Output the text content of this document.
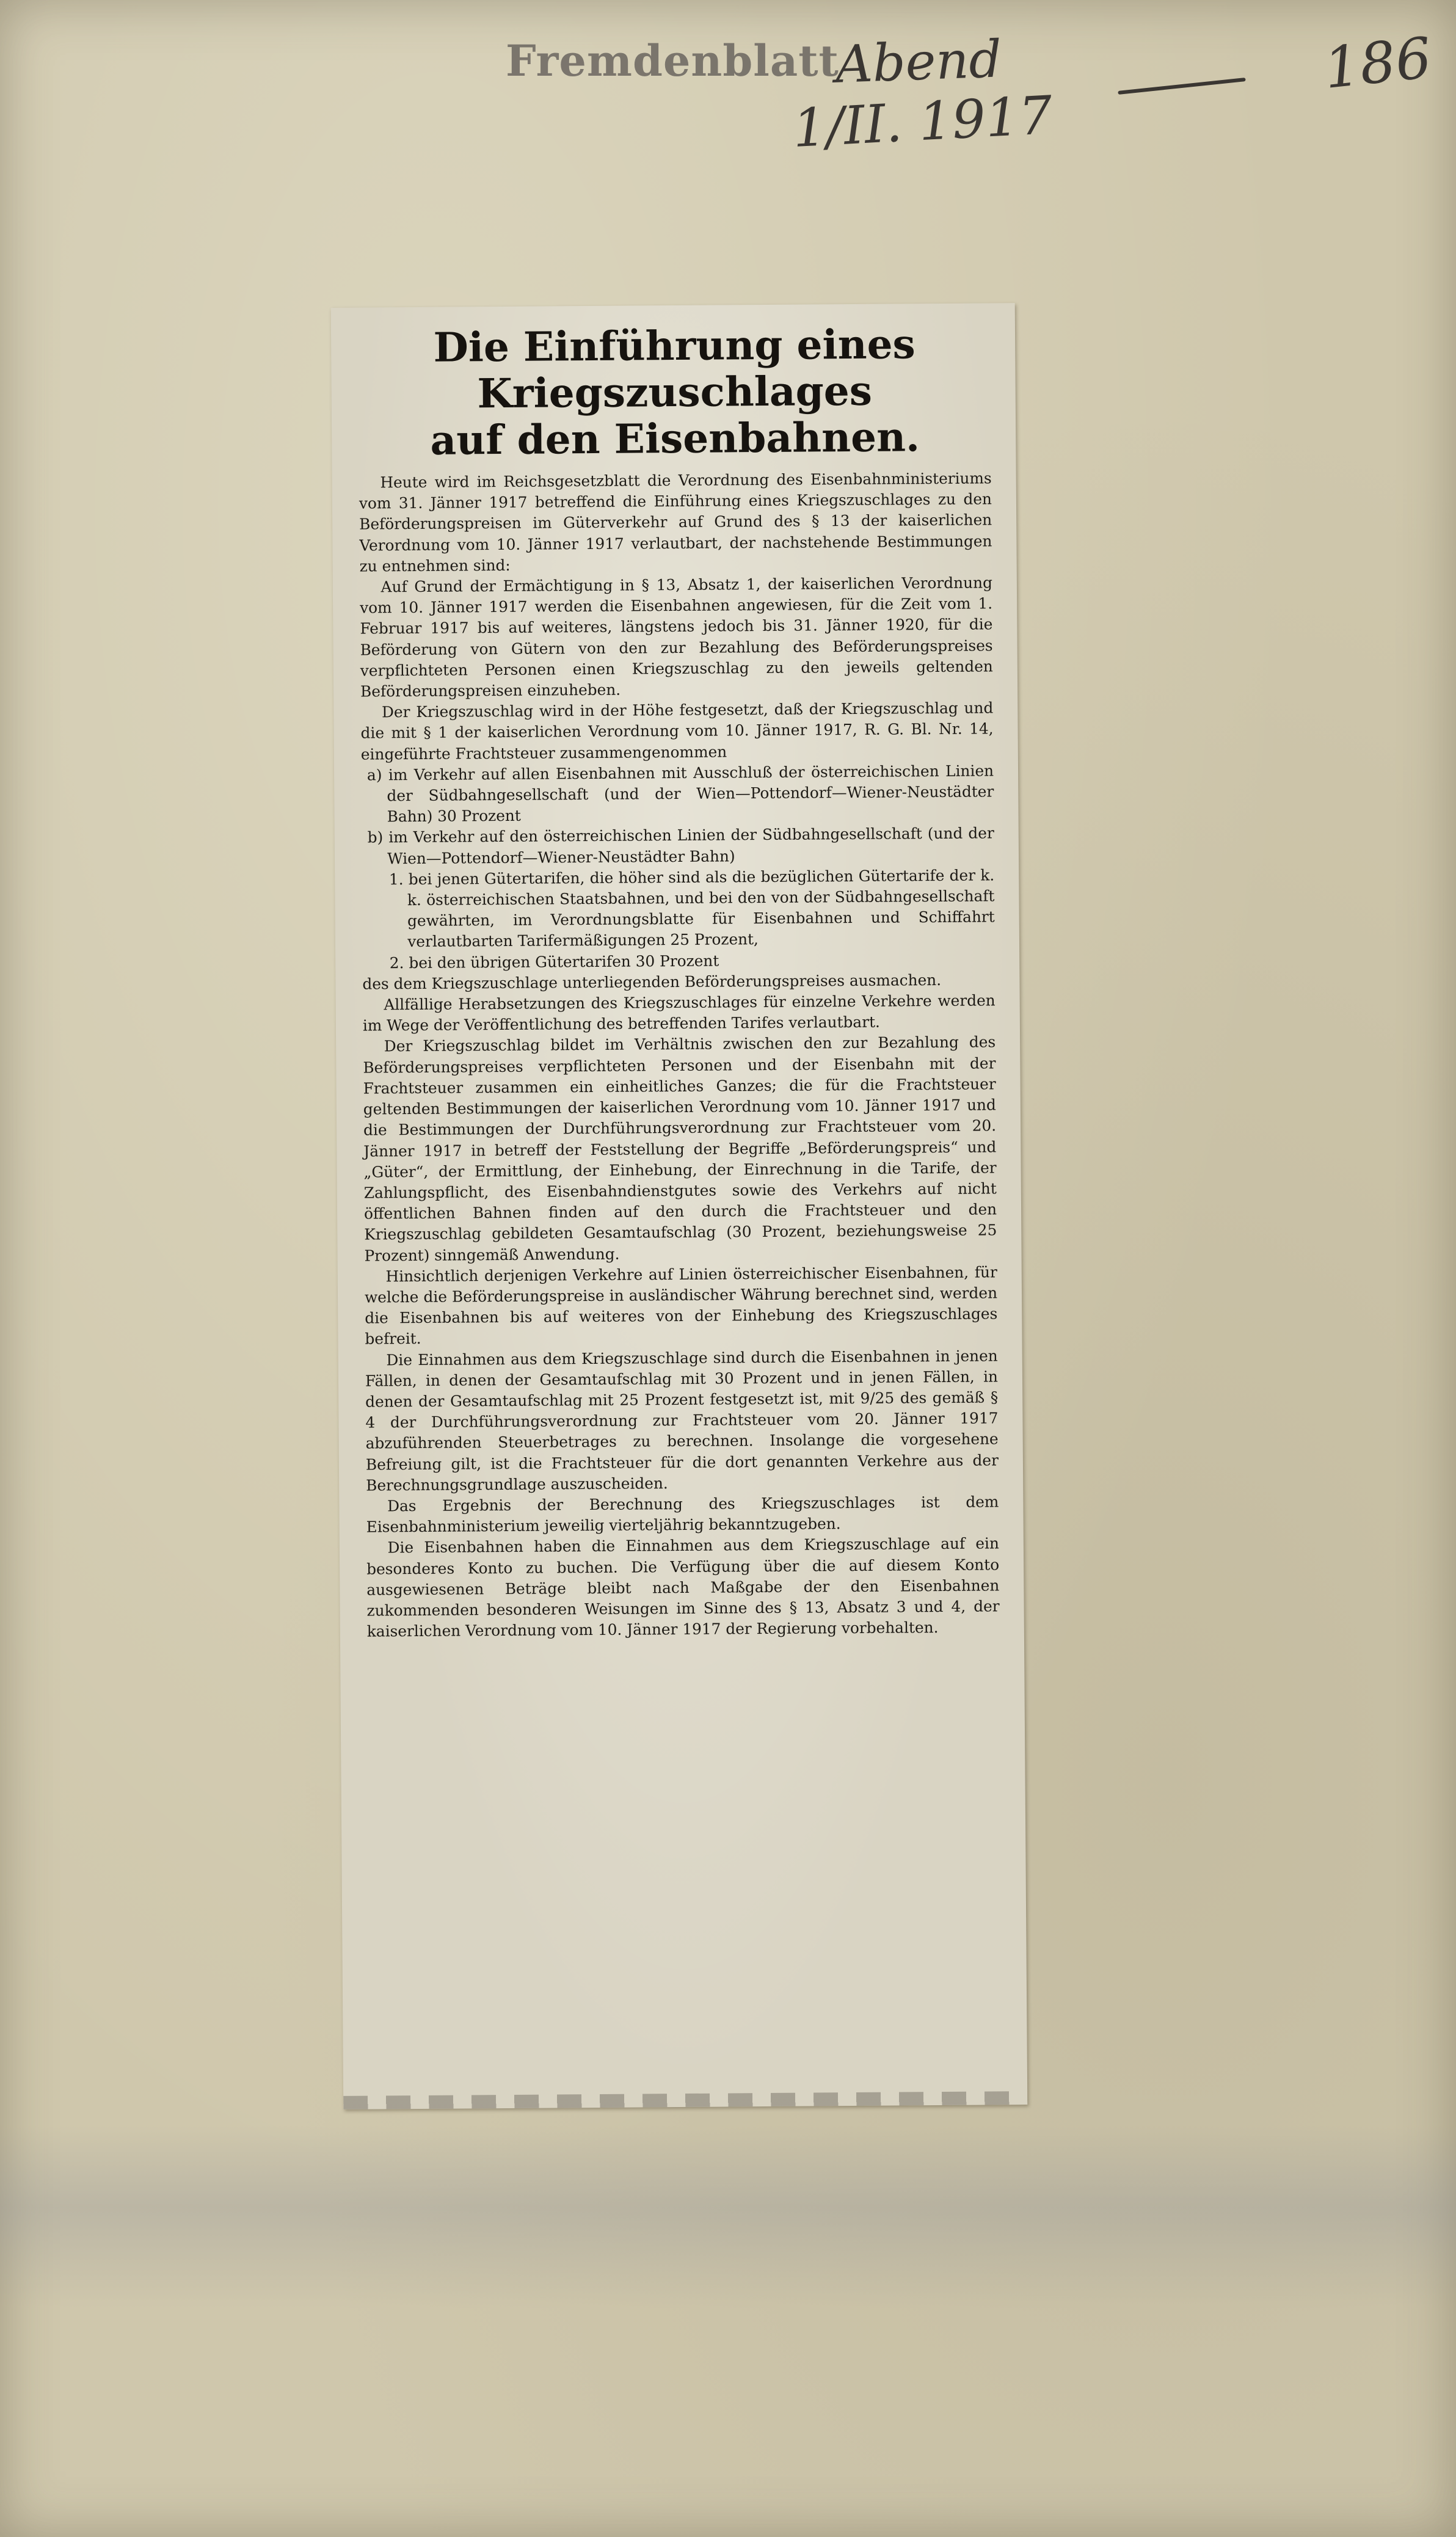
Fremdenblatt
Abend
1/II. 1917
186
Die Einführung eines Kriegszuschlages
auf den Eisenbahnen.

Heute wird im Reichsgesetzblatt die Verordnung des Eisenbahnministeriums vom 31. Jänner 1917 betreffend die Einführung eines Kriegszuschlages zu den Beförderungspreisen im Güterverkehr auf Grund des § 13 der kaiserlichen Verordnung vom 10. Jänner 1917 verlautbart, der nachstehende Bestimmungen zu entnehmen sind:

Auf Grund der Ermächtigung in § 13, Absatz 1, der kaiserlichen Verordnung vom 10. Jänner 1917 werden die Eisenbahnen angewiesen, für die Zeit vom 1. Februar 1917 bis auf weiteres, längstens jedoch bis 31. Jänner 1920, für die Beförderung von Gütern von den zur Bezahlung des Beförderungspreises verpflichteten Personen einen Kriegszuschlag zu den jeweils geltenden Beförderungspreisen einzuheben.

Der Kriegszuschlag wird in der Höhe festgesetzt, daß der Kriegszuschlag und die mit § 1 der kaiserlichen Verordnung vom 10. Jänner 1917, R. G. Bl. Nr. 14, eingeführte Frachtsteuer zusammengenommen

a) im Verkehr auf allen Eisenbahnen mit Ausschluß der österreichischen Linien der Südbahngesellschaft (und der Wien—Pottendorf—Wiener-Neustädter Bahn) 30 Prozent

b) im Verkehr auf den österreichischen Linien der Südbahngesellschaft (und der Wien—Pottendorf—Wiener-Neustädter Bahn)

1. bei jenen Gütertarifen, die höher sind als die bezüglichen Gütertarife der k. k. österreichischen Staatsbahnen, und bei den von der Südbahngesellschaft gewährten, im Verordnungsblatte für Eisenbahnen und Schiffahrt verlautbarten Tarifermäßigungen 25 Prozent,

2. bei den übrigen Gütertarifen 30 Prozent

des dem Kriegszuschlage unterliegenden Beförderungspreises ausmachen.

Allfällige Herabsetzungen des Kriegszuschlages für einzelne Verkehre werden im Wege der Veröffentlichung des betreffenden Tarifes verlautbart.

Der Kriegszuschlag bildet im Verhältnis zwischen den zur Bezahlung des Beförderungspreises verpflichteten Personen und der Eisenbahn mit der Frachtsteuer zusammen ein einheitliches Ganzes; die für die Frachtsteuer geltenden Bestimmungen der kaiserlichen Verordnung vom 10. Jänner 1917 und die Bestimmungen der Durchführungsverordnung zur Frachtsteuer vom 20. Jänner 1917 in betreff der Feststellung der Begriffe „Beförderungspreis“ und „Güter“, der Ermittlung, der Einhebung, der Einrechnung in die Tarife, der Zahlungspflicht, des Eisenbahndienstgutes sowie des Verkehrs auf nicht öffentlichen Bahnen finden auf den durch die Frachtsteuer und den Kriegszuschlag gebildeten Gesamtaufschlag (30 Prozent, beziehungsweise 25 Prozent) sinngemäß Anwendung.

Hinsichtlich derjenigen Verkehre auf Linien österreichischer Eisenbahnen, für welche die Beförderungspreise in ausländischer Währung berechnet sind, werden die Eisenbahnen bis auf weiteres von der Einhebung des Kriegszuschlages befreit.

Die Einnahmen aus dem Kriegszuschlage sind durch die Eisenbahnen in jenen Fällen, in denen der Gesamtaufschlag mit 30 Prozent und in jenen Fällen, in denen der Gesamtaufschlag mit 25 Prozent festgesetzt ist, mit 9/25 des gemäß § 4 der Durchführungsverordnung zur Frachtsteuer vom 20. Jänner 1917 abzuführenden Steuerbetrages zu berechnen. Insolange die vorgesehene Befreiung gilt, ist die Frachtsteuer für die dort genannten Verkehre aus der Berechnungsgrundlage auszuscheiden.

Das Ergebnis der Berechnung des Kriegszuschlages ist dem Eisenbahnministerium jeweilig vierteljährig bekanntzugeben.

Die Eisenbahnen haben die Einnahmen aus dem Kriegszuschlage auf ein besonderes Konto zu buchen. Die Verfügung über die auf diesem Konto ausgewiesenen Beträge bleibt nach Maßgabe der den Eisenbahnen zukommenden besonderen Weisungen im Sinne des § 13, Absatz 3 und 4, der kaiserlichen Verordnung vom 10. Jänner 1917 der Regierung vorbehalten.
